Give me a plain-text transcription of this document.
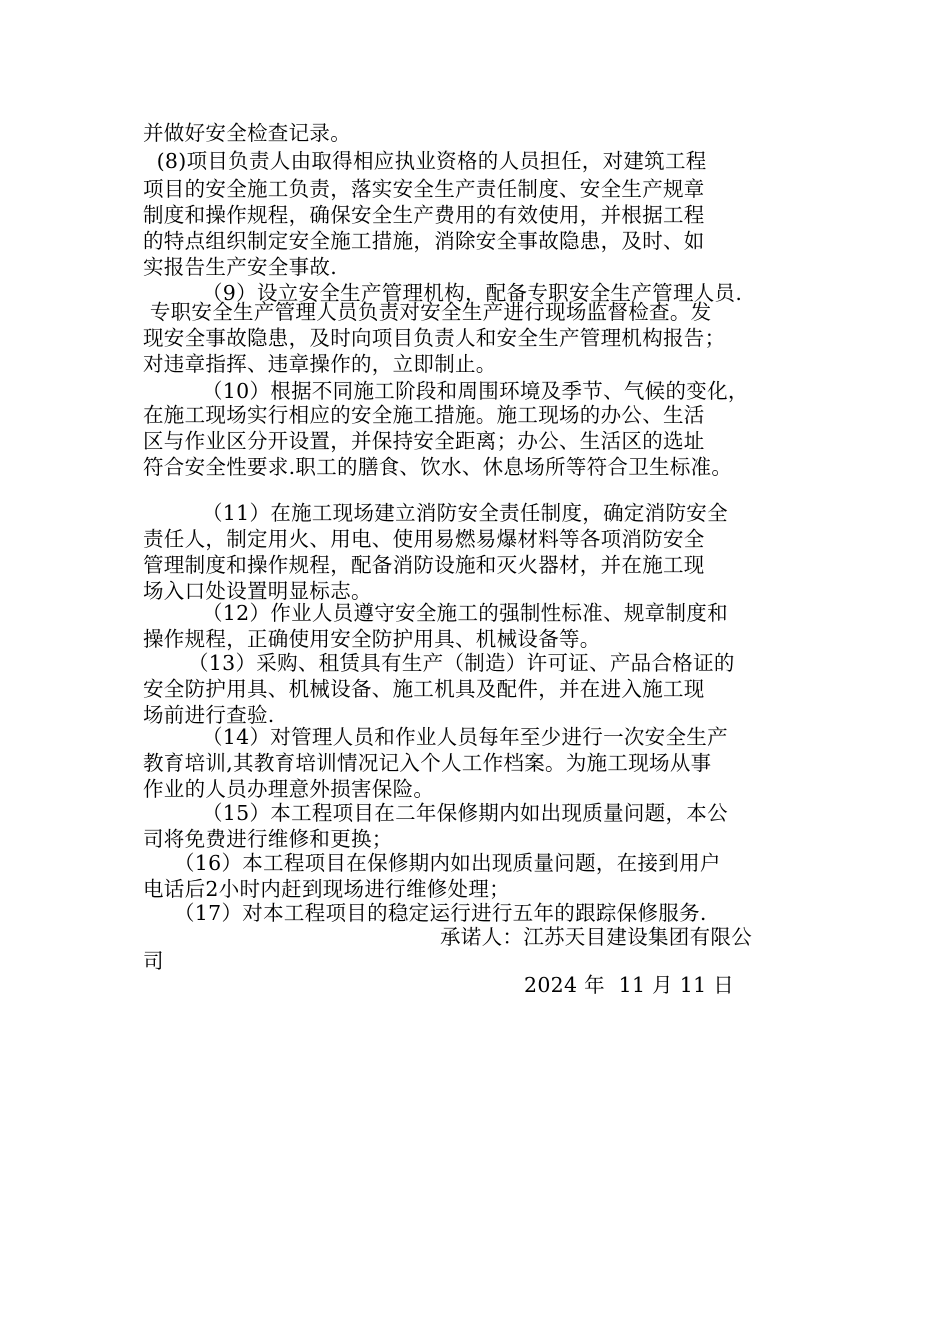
并做好安全检查记录。
(8)项目负责人由取得相应执业资格的人员担任，对建筑工程
项目的安全施工负责，落实安全生产责任制度、安全生产规章
制度和操作规程，确保安全生产费用的有效使用，并根据工程
的特点组织制定安全施工措施，消除安全事故隐患，及时、如
实报告生产安全事故.
（9）设立安全生产管理机构，配备专职安全生产管理人员.
专职安全生产管理人员负责对安全生产进行现场监督检查。发
现安全事故隐患，及时向项目负责人和安全生产管理机构报告；
对违章指挥、违章操作的，立即制止。
（10）根据不同施工阶段和周围环境及季节、气候的变化，
在施工现场实行相应的安全施工措施。施工现场的办公、生活
区与作业区分开设置，并保持安全距离；办公、生活区的选址
符合安全性要求.职工的膳食、饮水、休息场所等符合卫生标准。
（11）在施工现场建立消防安全责任制度，确定消防安全
责任人，制定用火、用电、使用易燃易爆材料等各项消防安全
管理制度和操作规程，配备消防设施和灭火器材，并在施工现
场入口处设置明显标志。
（12）作业人员遵守安全施工的强制性标准、规章制度和
操作规程，正确使用安全防护用具、机械设备等。
（13）采购、租赁具有生产（制造）许可证、产品合格证的
安全防护用具、机械设备、施工机具及配件，并在进入施工现
场前进行查验.
（14）对管理人员和作业人员每年至少进行一次安全生产
教育培训,其教育培训情况记入个人工作档案。为施工现场从事
作业的人员办理意外损害保险。
（15）本工程项目在二年保修期内如出现质量问题，本公
司将免费进行维修和更换；
（16）本工程项目在保修期内如出现质量问题，在接到用户
电话后2小时内赶到现场进行维修处理；
（17）对本工程项目的稳定运行进行五年的跟踪保修服务.
承诺人：江苏天目建设集团有限公
司
2024 年  11 月 11 日
